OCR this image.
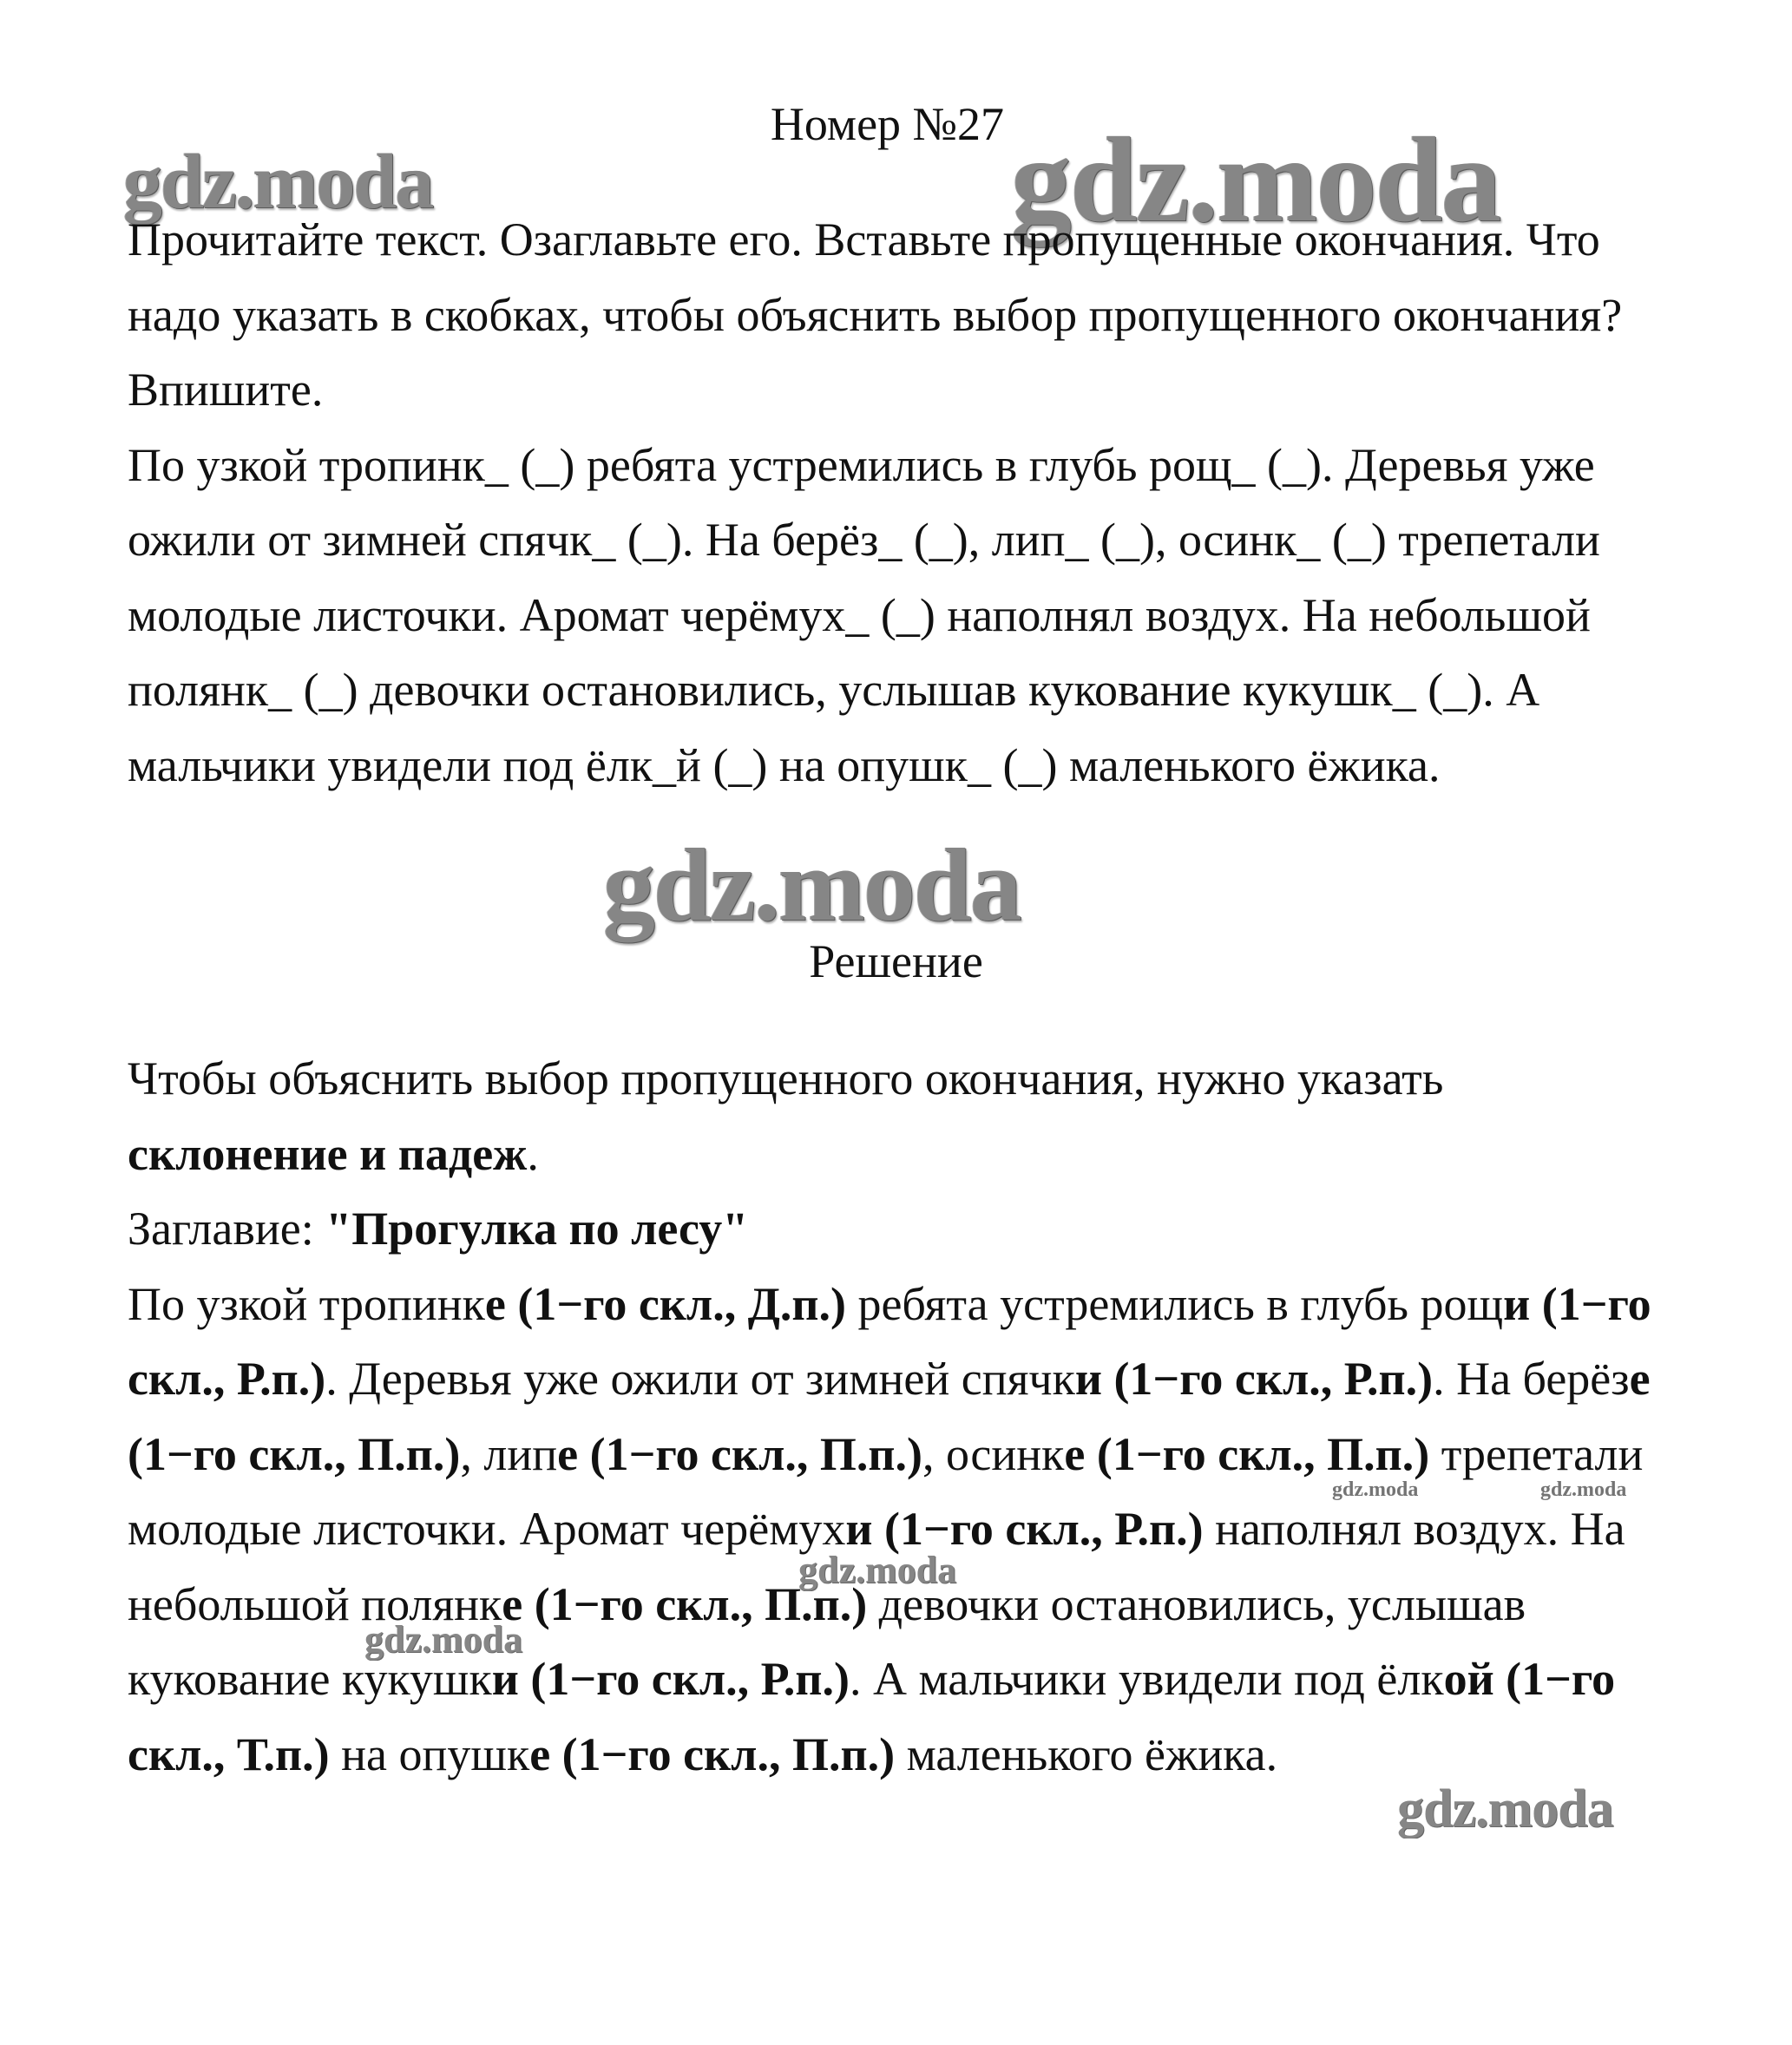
Номер №27
gdz.moda	gdz.moda

Прочитайте текст. Озаглавьте его. Вставьте пропущенные окончания. Что надо указать в скобках, чтобы объяснить выбор пропущенного окончания? Впишите.

По узкой тропинк_ (_) ребята устремились в глубь рощ_ (_). Деревья уже ожили от зимней спячк_ (_). На берёз_ (_), лип_ (_), осинк_ (_) трепетали молодые листочки. Аромат черёмух_ (_) наполнял воздух. На небольшой полянк_ (_) девочки остановились, услышав кукование кукушк_ (_). А мальчики увидели под ёлк_й (_) на опушк_ (_) маленького ёжика.

gdz.moda
Решение

Чтобы объяснить выбор пропущенного окончания, нужно указать склонение и падеж.

Заглавие: "Прогулка по лесу"

По узкой тропинке (1−го скл., Д.п.) ребята устремились в глубь рощи (1−го скл., Р.п.). Деревья уже ожили от зимней спячки (1−го скл., Р.п.). На берёзе (1−го скл., П.п.), липе (1−го скл., П.п.), осинке (1−го скл., П.п.) трепетали молодые листочки. Аромат черёмухи (1−го скл., Р.п.) наполнял воздух. На небольшой полянке (1−го скл., П.п.) девочки остановились, услышав кукование кукушки (1−го скл., Р.п.). А мальчики увидели под ёлкой (1−го скл., Т.п.) на опушке (1−го скл., П.п.) маленького ёжика.

gdz.moda	gdz.moda
gdz.moda
gdz.moda
gdz.moda
